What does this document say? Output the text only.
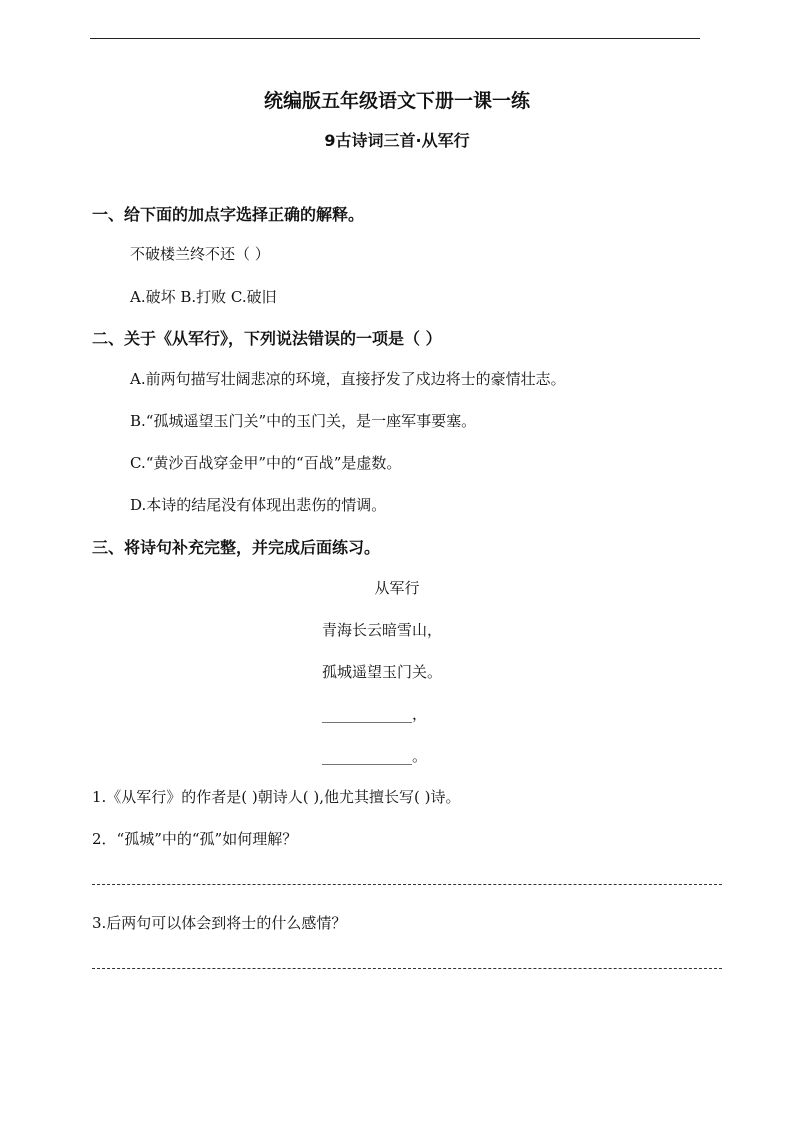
统编版五年级语文下册一课一练
9古诗词三首·从军行
一、给下面的加点字选择正确的解释。
不破楼兰终不还（ ）
A.破坏 B.打败 C.破旧
二、关于《从军行》，下列说法错误的一项是（ ）
A.前两句描写壮阔悲凉的环境，直接抒发了戍边将士的豪情壮志。
B.“孤城遥望玉门关”中的玉门关，是一座军事要塞。
C.“黄沙百战穿金甲”中的“百战”是虚数。
D.本诗的结尾没有体现出悲伤的情调。
三、将诗句补充完整，并完成后面练习。
从军行
青海长云暗雪山，
孤城遥望玉门关。
____________，
____________。
1.《从军行》的作者是( )朝诗人( ),他尤其擅长写( )诗。
2．“孤城”中的“孤”如何理解？
3.后两句可以体会到将士的什么感情？
